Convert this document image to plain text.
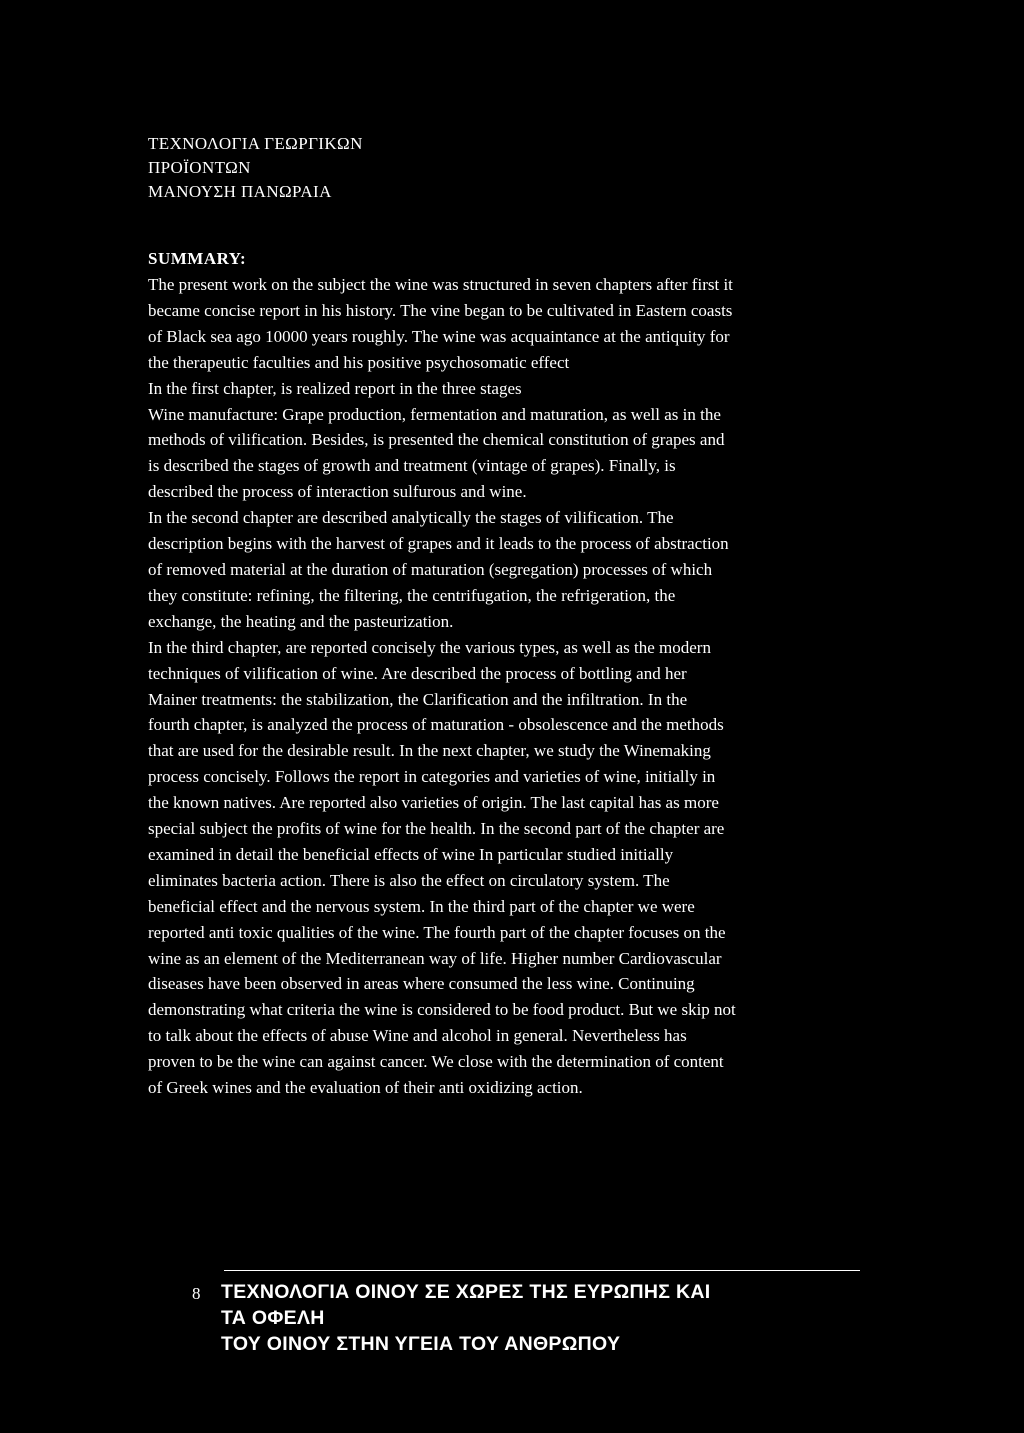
ΤΕΧΝΟΛΟΓΙΑ ΓΕΩΡΓΙΚΩΝ
ΠΡΟΪΟΝΤΩΝ
ΜΑΝΟΥΣΗ ΠΑΝΩΡΑΙΑ
SUMMARY:
The present work on the subject the wine was structured in seven chapters after first it
became concise report in his history. The vine began to be cultivated in Eastern coasts
of Black sea ago 10000 years roughly. The wine was acquaintance at the antiquity for
the therapeutic faculties and his positive psychosomatic effect
In the first chapter, is realized report in the three stages
Wine manufacture: Grape production, fermentation and maturation, as well as in the
methods of vilification. Besides, is presented the chemical constitution of grapes and
is described the stages of growth and treatment (vintage of grapes). Finally, is
described the process of interaction sulfurous and wine.
In the second chapter are described analytically the stages of vilification. The
description begins with the harvest of grapes and it leads to the process of abstraction
of removed material at the duration of maturation (segregation) processes of which
they constitute: refining, the filtering, the centrifugation, the refrigeration, the
exchange, the heating and the pasteurization.
In the third chapter, are reported concisely the various types, as well as the modern
techniques of vilification of wine. Are described the process of bottling and her
Mainer treatments: the stabilization, the Clarification and the infiltration. In the
fourth chapter, is analyzed the process of maturation - obsolescence and the methods
that are used for the desirable result. In the next chapter, we study the Winemaking
process concisely. Follows the report in categories and varieties of wine, initially in
the known natives. Are reported also varieties of origin. The last capital has as more
special subject the profits of wine for the health. In the second part of the chapter are
examined in detail the beneficial effects of wine In particular studied initially
eliminates bacteria action. There is also the effect on circulatory system. The
beneficial effect and the nervous system. In the third part of the chapter we were
reported anti toxic qualities of the wine. The fourth part of the chapter focuses on the
wine as an element of the Mediterranean way of life. Higher number Cardiovascular
diseases have been observed in areas where consumed the less wine. Continuing
demonstrating what criteria the wine is considered to be food product. But we skip not
to talk about the effects of abuse Wine and alcohol in general. Nevertheless has
proven to be the wine can against cancer. We close with the determination of content
of Greek wines and the evaluation of their anti oxidizing action.
8 ΤΕΧΝΟΛΟΓΙΑ ΟΙΝΟΥ ΣΕ ΧΩΡΕΣ ΤΗΣ ΕΥΡΩΠΗΣ ΚΑΙ
ΤΑ ΟΦΕΛΗ
ΤΟΥ ΟΙΝΟΥ ΣΤΗΝ ΥΓΕΙΑ ΤΟΥ ΑΝΘΡΩΠΟΥ
